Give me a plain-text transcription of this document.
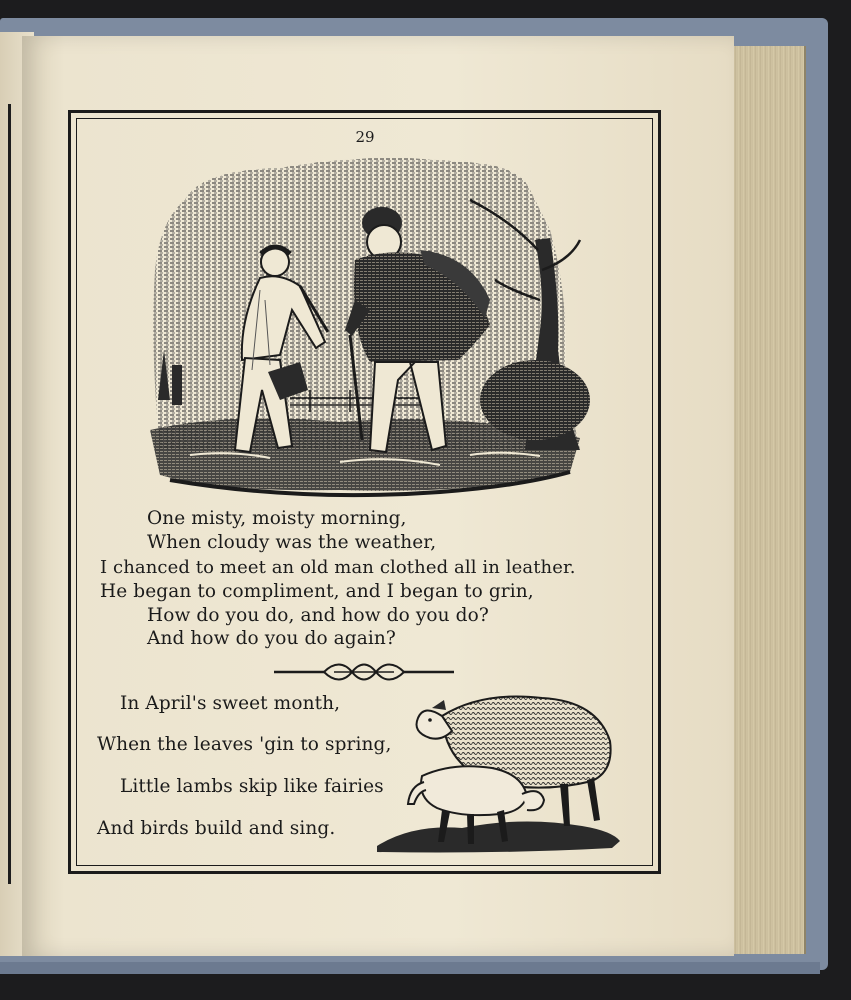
29
One misty, moisty morning,
When cloudy was the weather,
I chanced to meet an old man clothed all in leather.
He began to compliment, and I began to grin,
How do you do, and how do you do?
And how do you do again?
In April's sweet month,
When the leaves 'gin to spring,
Little lambs skip like fairies
And birds build and sing.
